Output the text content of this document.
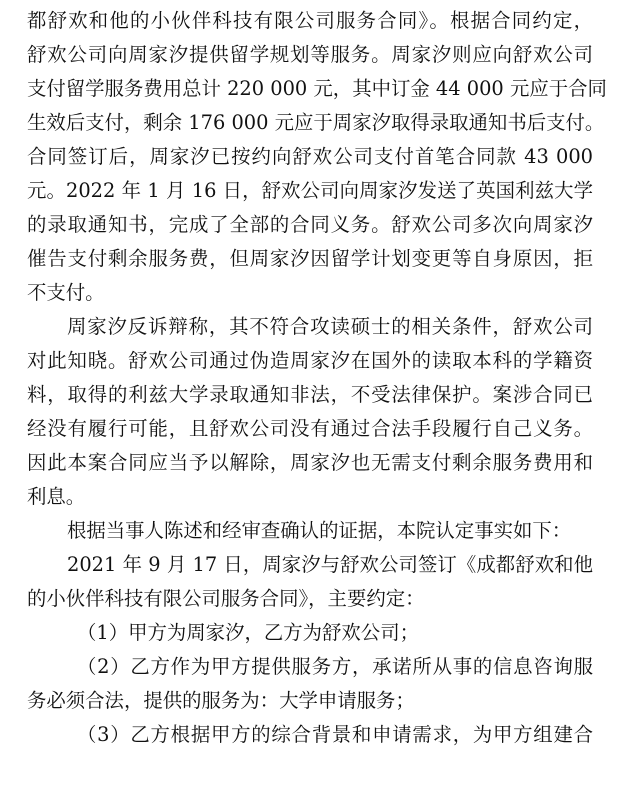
都舒欢和他的小伙伴科技有限公司服务合同》。根据合同约定，
舒欢公司向周家汐提供留学规划等服务。周家汐则应向舒欢公司
支付留学服务费用总计 220 000 元，其中订金 44 000 元应于合同
生效后支付，剩余 176 000 元应于周家汐取得录取通知书后支付。
合同签订后，周家汐已按约向舒欢公司支付首笔合同款 43 000
元。2022 年 1 月 16 日，舒欢公司向周家汐发送了英国利兹大学
的录取通知书，完成了全部的合同义务。舒欢公司多次向周家汐
催告支付剩余服务费，但周家汐因留学计划变更等自身原因，拒
不支付。
周家汐反诉辩称，其不符合攻读硕士的相关条件，舒欢公司
对此知晓。舒欢公司通过伪造周家汐在国外的读取本科的学籍资
料，取得的利兹大学录取通知非法，不受法律保护。案涉合同已
经没有履行可能，且舒欢公司没有通过合法手段履行自己义务。
因此本案合同应当予以解除，周家汐也无需支付剩余服务费用和
利息。
根据当事人陈述和经审查确认的证据，本院认定事实如下：
2021 年 9 月 17 日，周家汐与舒欢公司签订《成都舒欢和他
的小伙伴科技有限公司服务合同》，主要约定：
（1）甲方为周家汐，乙方为舒欢公司；
（2）乙方作为甲方提供服务方，承诺所从事的信息咨询服
务必须合法，提供的服务为：大学申请服务；
（3）乙方根据甲方的综合背景和申请需求，为甲方组建合
